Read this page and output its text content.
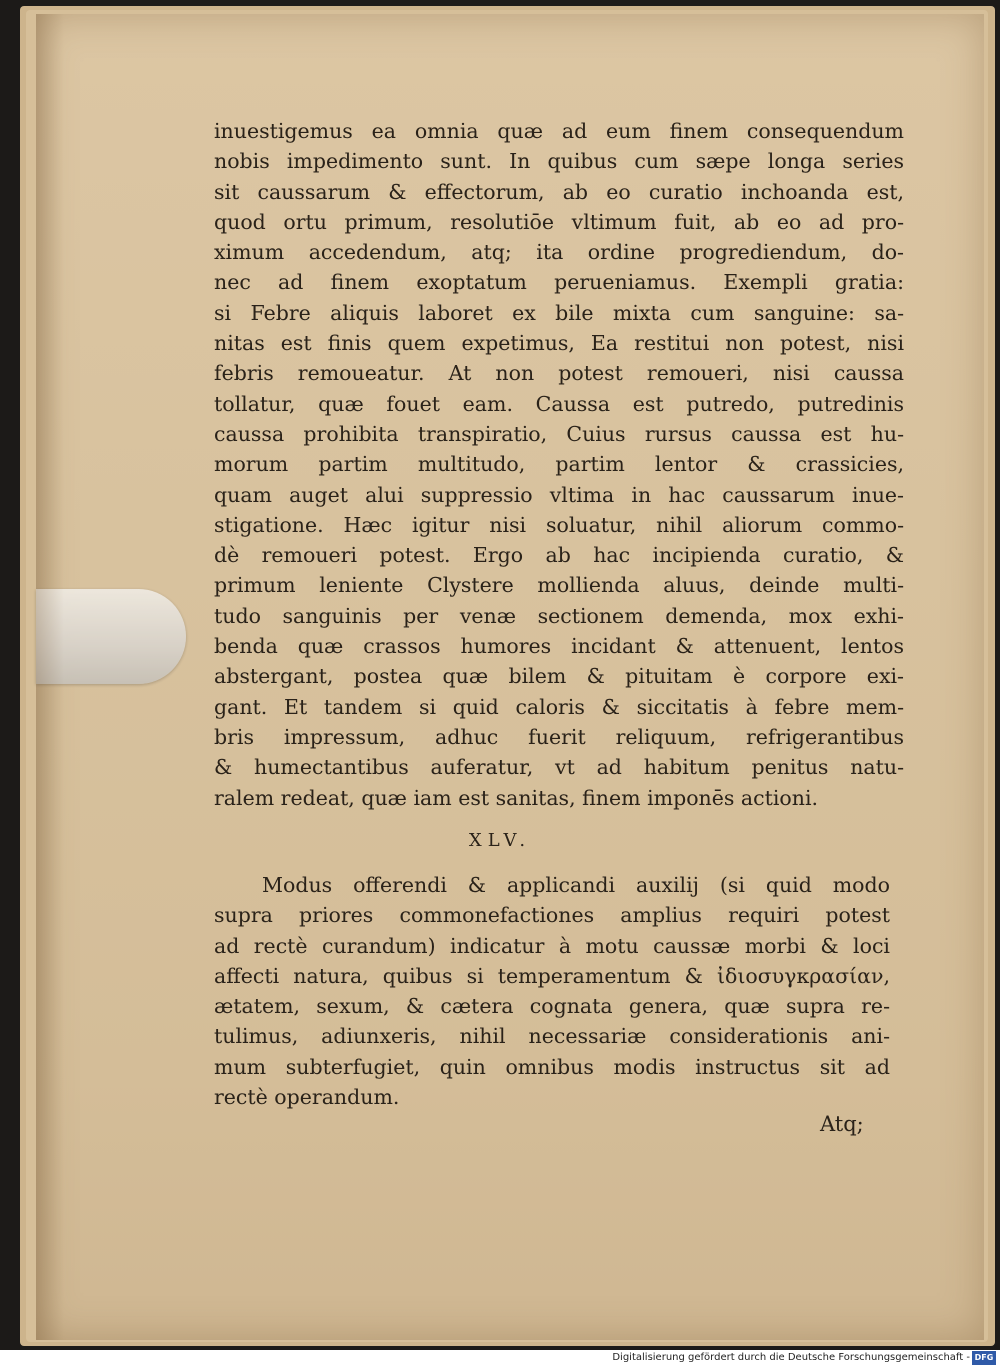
inuestigemus ea omnia quæ ad eum finem consequendum
nobis impedimento sunt. In quibus cum sæpe longa series
sit caussarum & effectorum, ab eo curatio inchoanda est,
quod ortu primum, resolutiōe vltimum fuit, ab eo ad pro-
ximum accedendum, atq; ita ordine progrediendum, do-
nec ad finem exoptatum perueniamus. Exempli gratia:
si Febre aliquis laboret ex bile mixta cum sanguine: sa-
nitas est finis quem expetimus, Ea restitui non potest, nisi
febris remoueatur. At non potest remoueri, nisi caussa
tollatur, quæ fouet eam. Caussa est putredo, putredinis
caussa prohibita transpiratio, Cuius rursus caussa est hu-
morum partim multitudo, partim lentor & crassicies,
quam auget alui suppressio vltima in hac caussarum inue-
stigatione. Hæc igitur nisi soluatur, nihil aliorum commo-
dè remoueri potest. Ergo ab hac incipienda curatio, &
primum leniente Clystere mollienda aluus, deinde multi-
tudo sanguinis per venæ sectionem demenda, mox exhi-
benda quæ crassos humores incidant & attenuent, lentos
abstergant, postea quæ bilem & pituitam è corpore exi-
gant. Et tandem si quid caloris & siccitatis à febre mem-
bris impressum, adhuc fuerit reliquum, refrigerantibus
& humectantibus auferatur, vt ad habitum penitus natu-
ralem redeat, quæ iam est sanitas, finem imponēs actioni.
XLV.
Modus offerendi & applicandi auxilij (si quid modo
supra priores commonefactiones amplius requiri potest
ad rectè curandum) indicatur à motu caussæ morbi & loci
affecti natura, quibus si temperamentum & ἰδιοσυγκρασίαν,
ætatem, sexum, & cætera cognata genera, quæ supra re-
tulimus, adiunxeris, nihil necessariæ considerationis ani-
mum subterfugiet, quin omnibus modis instructus sit ad
rectè operandum.
Atq;
Digitalisierung gefördert durch die Deutsche Forschungsgemeinschaft - DFG
